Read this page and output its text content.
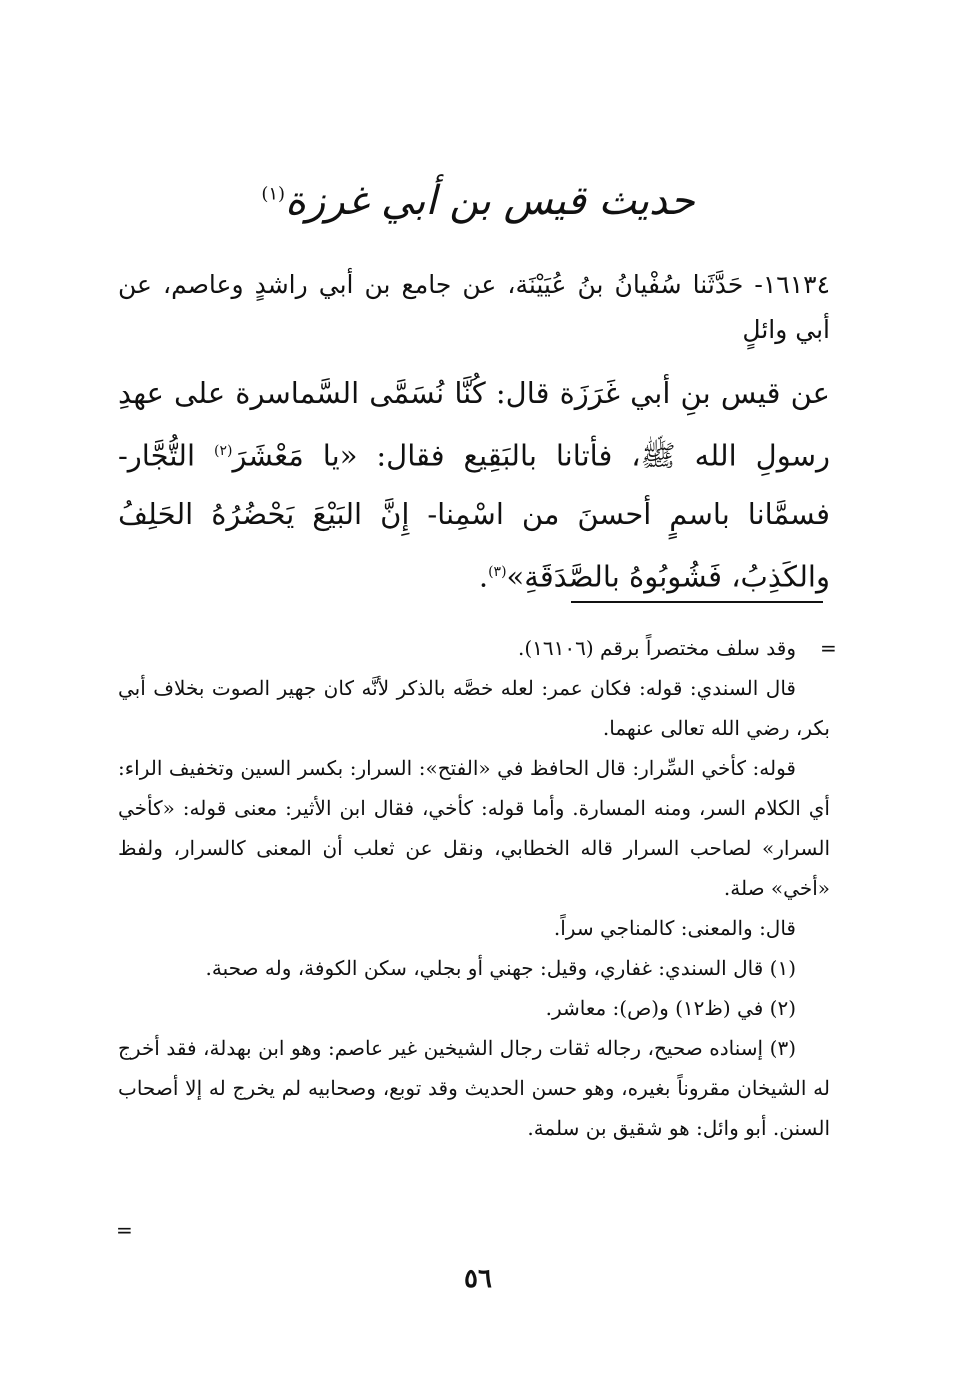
حديث قيس بن أبي غرزة$^{(١)}$
١٦١٣٤- حَدَّثَنا سُفْيانُ بنُ عُيَيْنَة، عن جامع بن أبي راشدٍ وعاصم، عن أبي وائلٍ
عن قيس بنِ أبي غَرَزَة قال: كُنَّا نُسَمَّى السَّماسرة على عهدِ رسولِ الله ﷺ، فأتانا بالبَقِيع فقال: «يا مَعْشَرَ$^{(٢)}$ التُّجَّار- فسمَّانا باسمٍ أحسنَ من اسْمِنا- إِنَّ البَيْعَ يَحْضُرُهُ الحَلِفُ والكَذِبُ، فَشُوبُوهُ بالصَّدَقَةِ»$^{(٣)}$.
=

وقد سلف مختصراً برقم (١٦١٠٦).

قال السندي: قوله: فكان عمر: لعله خصَّه بالذكر لأنَّه كان جهير الصوت بخلاف أبي بكر، رضي الله تعالى عنهما.

قوله: كأخي السِّرار: قال الحافظ في «الفتح»: السرار: بكسر السين وتخفيف الراء: أي الكلام السر، ومنه المسارة. وأما قوله: كأخي، فقال ابن الأثير: معنى قوله: «كأخي السرار» لصاحب السرار قاله الخطابي، ونقل عن ثعلب أن المعنى كالسرار، ولفظ «أخي» صلة.

قال: والمعنى: كالمناجي سراً.

(١) قال السندي: غفاري، وقيل: جهني أو بجلي، سكن الكوفة، وله صحبة.

(٢) في (ظ١٢) و(ص): معاشر.

(٣) إسناده صحيح، رجاله ثقات رجال الشيخين غير عاصم: وهو ابن بهدلة، فقد أخرج له الشيخان مقروناً بغيره، وهو حسن الحديث وقد توبع، وصحابيه لم يخرج له إلا أصحاب السنن. أبو وائل: هو شقيق بن سلمة.

=
٥٦
